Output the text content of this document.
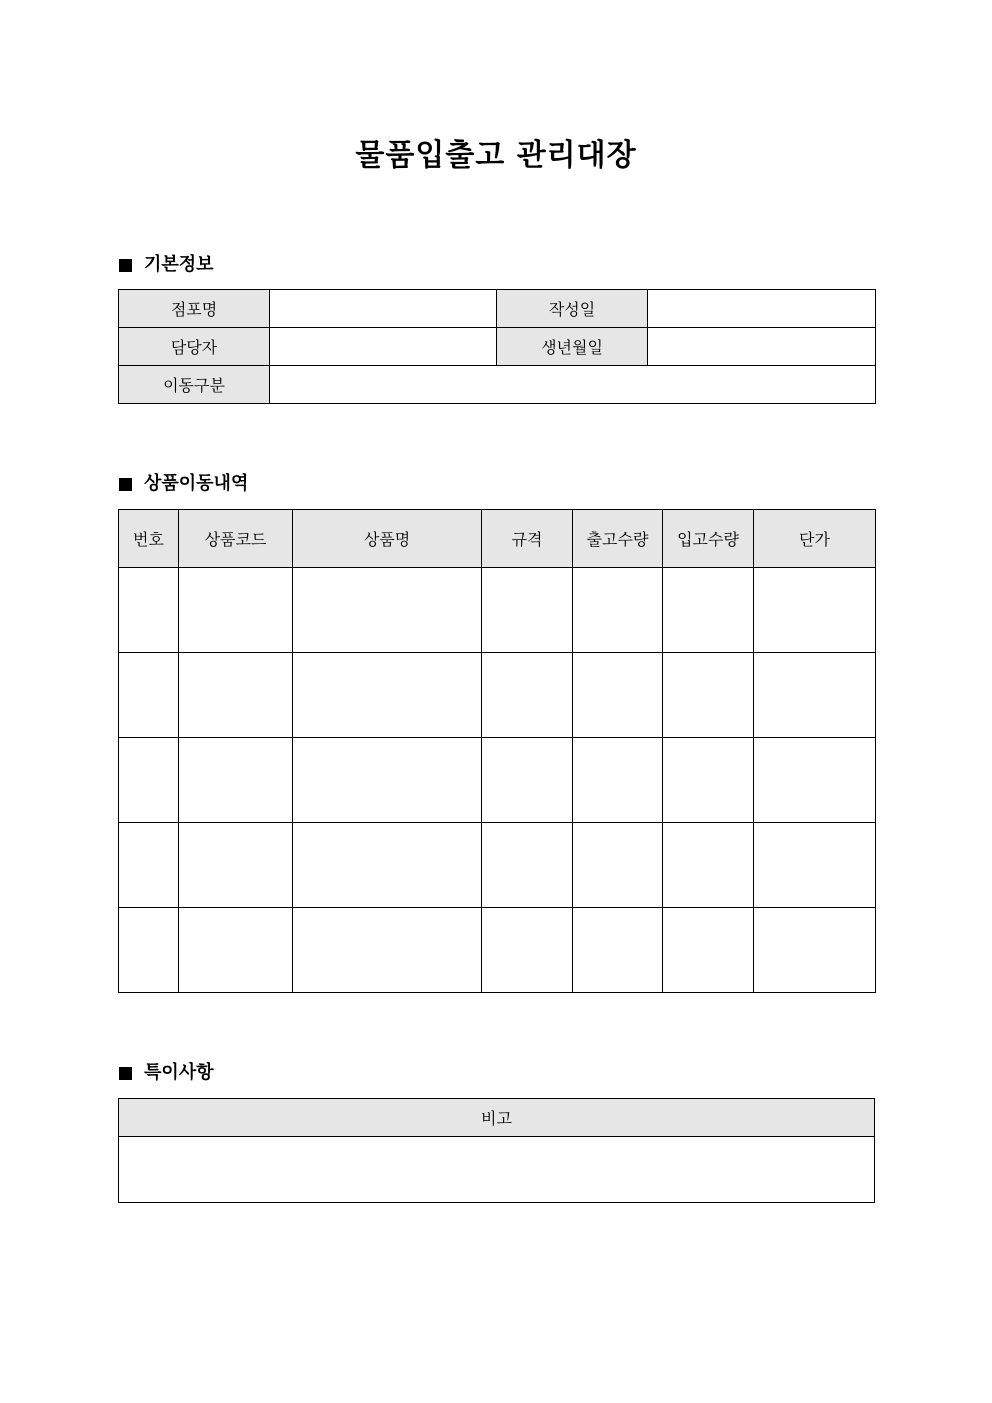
물품입출고 관리대장
기본정보
점포명		작성일	
담당자		생년월일	
이동구분			
상품이동내역
번호	상품코드	상품명	규격	출고수량	입고수량	단가

특이사항
비고
